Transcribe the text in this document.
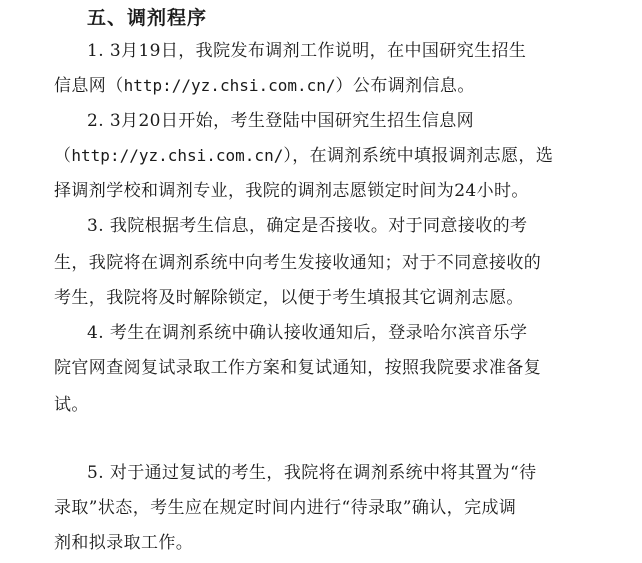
五、调剂程序
1. 3月19日，我院发布调剂工作说明，在中国研究生招生
信息网（http://yz.chsi.com.cn/）公布调剂信息。
2. 3月20日开始，考生登陆中国研究生招生信息网
（http://yz.chsi.com.cn/），在调剂系统中填报调剂志愿，选
择调剂学校和调剂专业，我院的调剂志愿锁定时间为24小时。
3. 我院根据考生信息，确定是否接收。对于同意接收的考
生，我院将在调剂系统中向考生发接收通知；对于不同意接收的
考生，我院将及时解除锁定，以便于考生填报其它调剂志愿。
4. 考生在调剂系统中确认接收通知后，登录哈尔滨音乐学
院官网查阅复试录取工作方案和复试通知，按照我院要求准备复
试。
5. 对于通过复试的考生，我院将在调剂系统中将其置为“待
录取”状态，考生应在规定时间内进行“待录取”确认，完成调
剂和拟录取工作。
